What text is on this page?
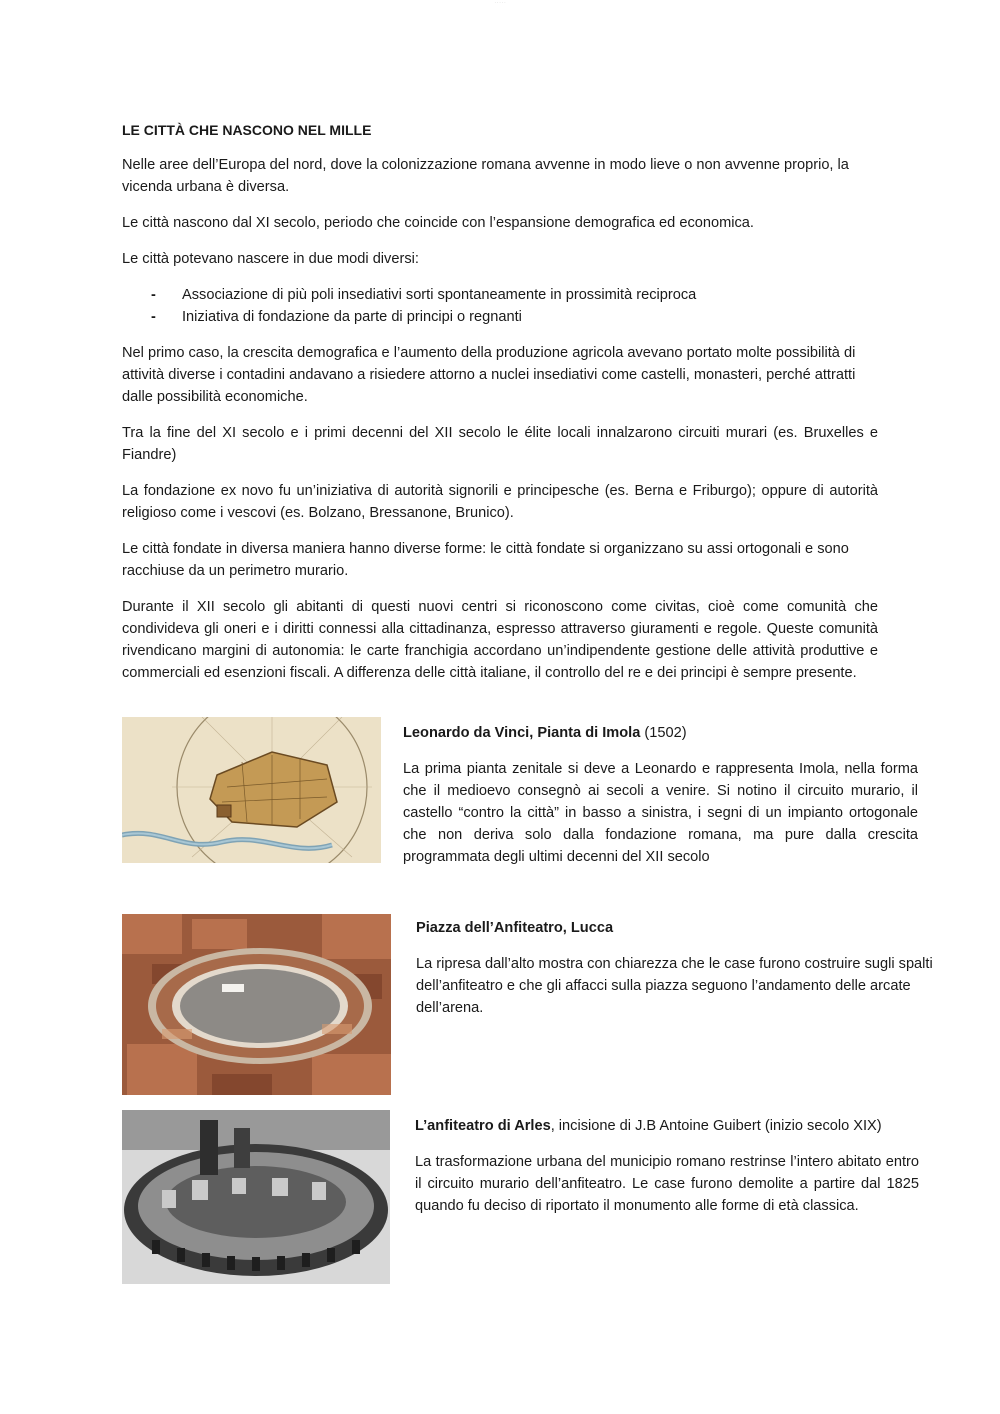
· · · · ·
LE CITTÀ CHE NASCONO NEL MILLE

Nelle aree dell’Europa del nord, dove la colonizzazione romana avvenne in modo lieve o non avvenne proprio, la vicenda urbana è diversa.

Le città nascono dal XI secolo, periodo che coincide con l’espansione demografica ed economica.

Le città potevano nascere in due modi diversi:

- Associazione di più poli insediativi sorti spontaneamente in prossimità reciproca
- Iniziativa di fondazione da parte di principi o regnanti

Nel primo caso, la crescita demografica e l’aumento della produzione agricola avevano portato molte possibilità di attività diverse i contadini andavano a risiedere attorno a nuclei insediativi come castelli, monasteri, perché attratti dalle possibilità economiche.

Tra la fine del XI secolo e i primi decenni del XII secolo le élite locali innalzarono circuiti murari (es. Bruxelles e Fiandre)

La fondazione ex novo fu un’iniziativa di autorità signorili e principesche (es. Berna e Friburgo); oppure di autorità religioso come i vescovi (es. Bolzano, Bressanone, Brunico).

Le città fondate in diversa maniera hanno diverse forme: le città fondate si organizzano su assi ortogonali e sono racchiuse da un perimetro murario.

Durante il XII secolo gli abitanti di questi nuovi centri si riconoscono come civitas, cioè come comunità che condivideva gli oneri e i diritti connessi alla cittadinanza, espresso attraverso giuramenti e regole. Queste comunità rivendicano margini di autonomia: le carte franchigia accordano un’indipendente gestione delle attività produttive e commerciali ed esenzioni fiscali. A differenza delle città italiane, il controllo del re e dei principi è sempre presente.

Leonardo da Vinci, Pianta di Imola (1502)

La prima pianta zenitale si deve a Leonardo e rappresenta Imola, nella forma che il medioevo consegnò ai secoli a venire. Si notino il circuito murario, il castello “contro la città” in basso a sinistra, i segni di un impianto ortogonale che non deriva solo dalla fondazione romana, ma pure dalla crescita programmata degli ultimi decenni del XII secolo

Piazza dell’Anfiteatro, Lucca

La ripresa dall’alto mostra con chiarezza che le case furono costruire sugli spalti dell’anfiteatro e che gli affacci sulla piazza seguono l’andamento delle arcate dell’arena.

L’anfiteatro di Arles, incisione di J.B Antoine Guibert (inizio secolo XIX)

La trasformazione urbana del municipio romano restrinse l’intero abitato entro il circuito murario dell’anfiteatro. Le case furono demolite a partire dal 1825 quando fu deciso di riportato il monumento alle forme di età classica.
